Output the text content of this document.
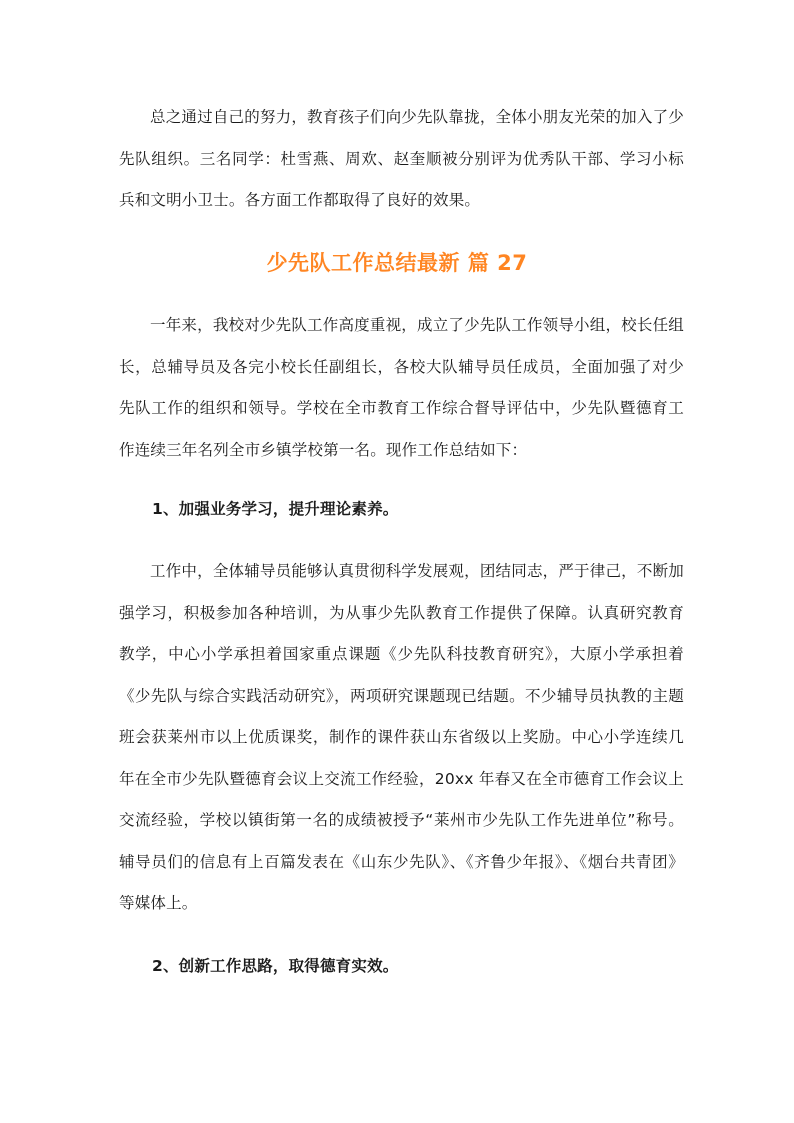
总之通过自己的努力，教育孩子们向少先队靠拢，全体小朋友光荣的加入了少先队组织。三名同学：杜雪燕、周欢、赵奎顺被分别评为优秀队干部、学习小标兵和文明小卫士。各方面工作都取得了良好的效果。

少先队工作总结最新 篇 27

一年来，我校对少先队工作高度重视，成立了少先队工作领导小组，校长任组长，总辅导员及各完小校长任副组长，各校大队辅导员任成员，全面加强了对少先队工作的组织和领导。学校在全市教育工作综合督导评估中，少先队暨德育工作连续三年名列全市乡镇学校第一名。现作工作总结如下：

1、加强业务学习，提升理论素养。

工作中，全体辅导员能够认真贯彻科学发展观，团结同志，严于律己，不断加强学习，积极参加各种培训，为从事少先队教育工作提供了保障。认真研究教育教学，中心小学承担着国家重点课题《少先队科技教育研究》，大原小学承担着《少先队与综合实践活动研究》，两项研究课题现已结题。不少辅导员执教的主题班会获莱州市以上优质课奖，制作的课件获山东省级以上奖励。中心小学连续几年在全市少先队暨德育会议上交流工作经验，20xx 年春又在全市德育工作会议上交流经验，学校以镇街第一名的成绩被授予“莱州市少先队工作先进单位”称号。辅导员们的信息有上百篇发表在《山东少先队》、《齐鲁少年报》、《烟台共青团》等媒体上。

2、创新工作思路，取得德育实效。
